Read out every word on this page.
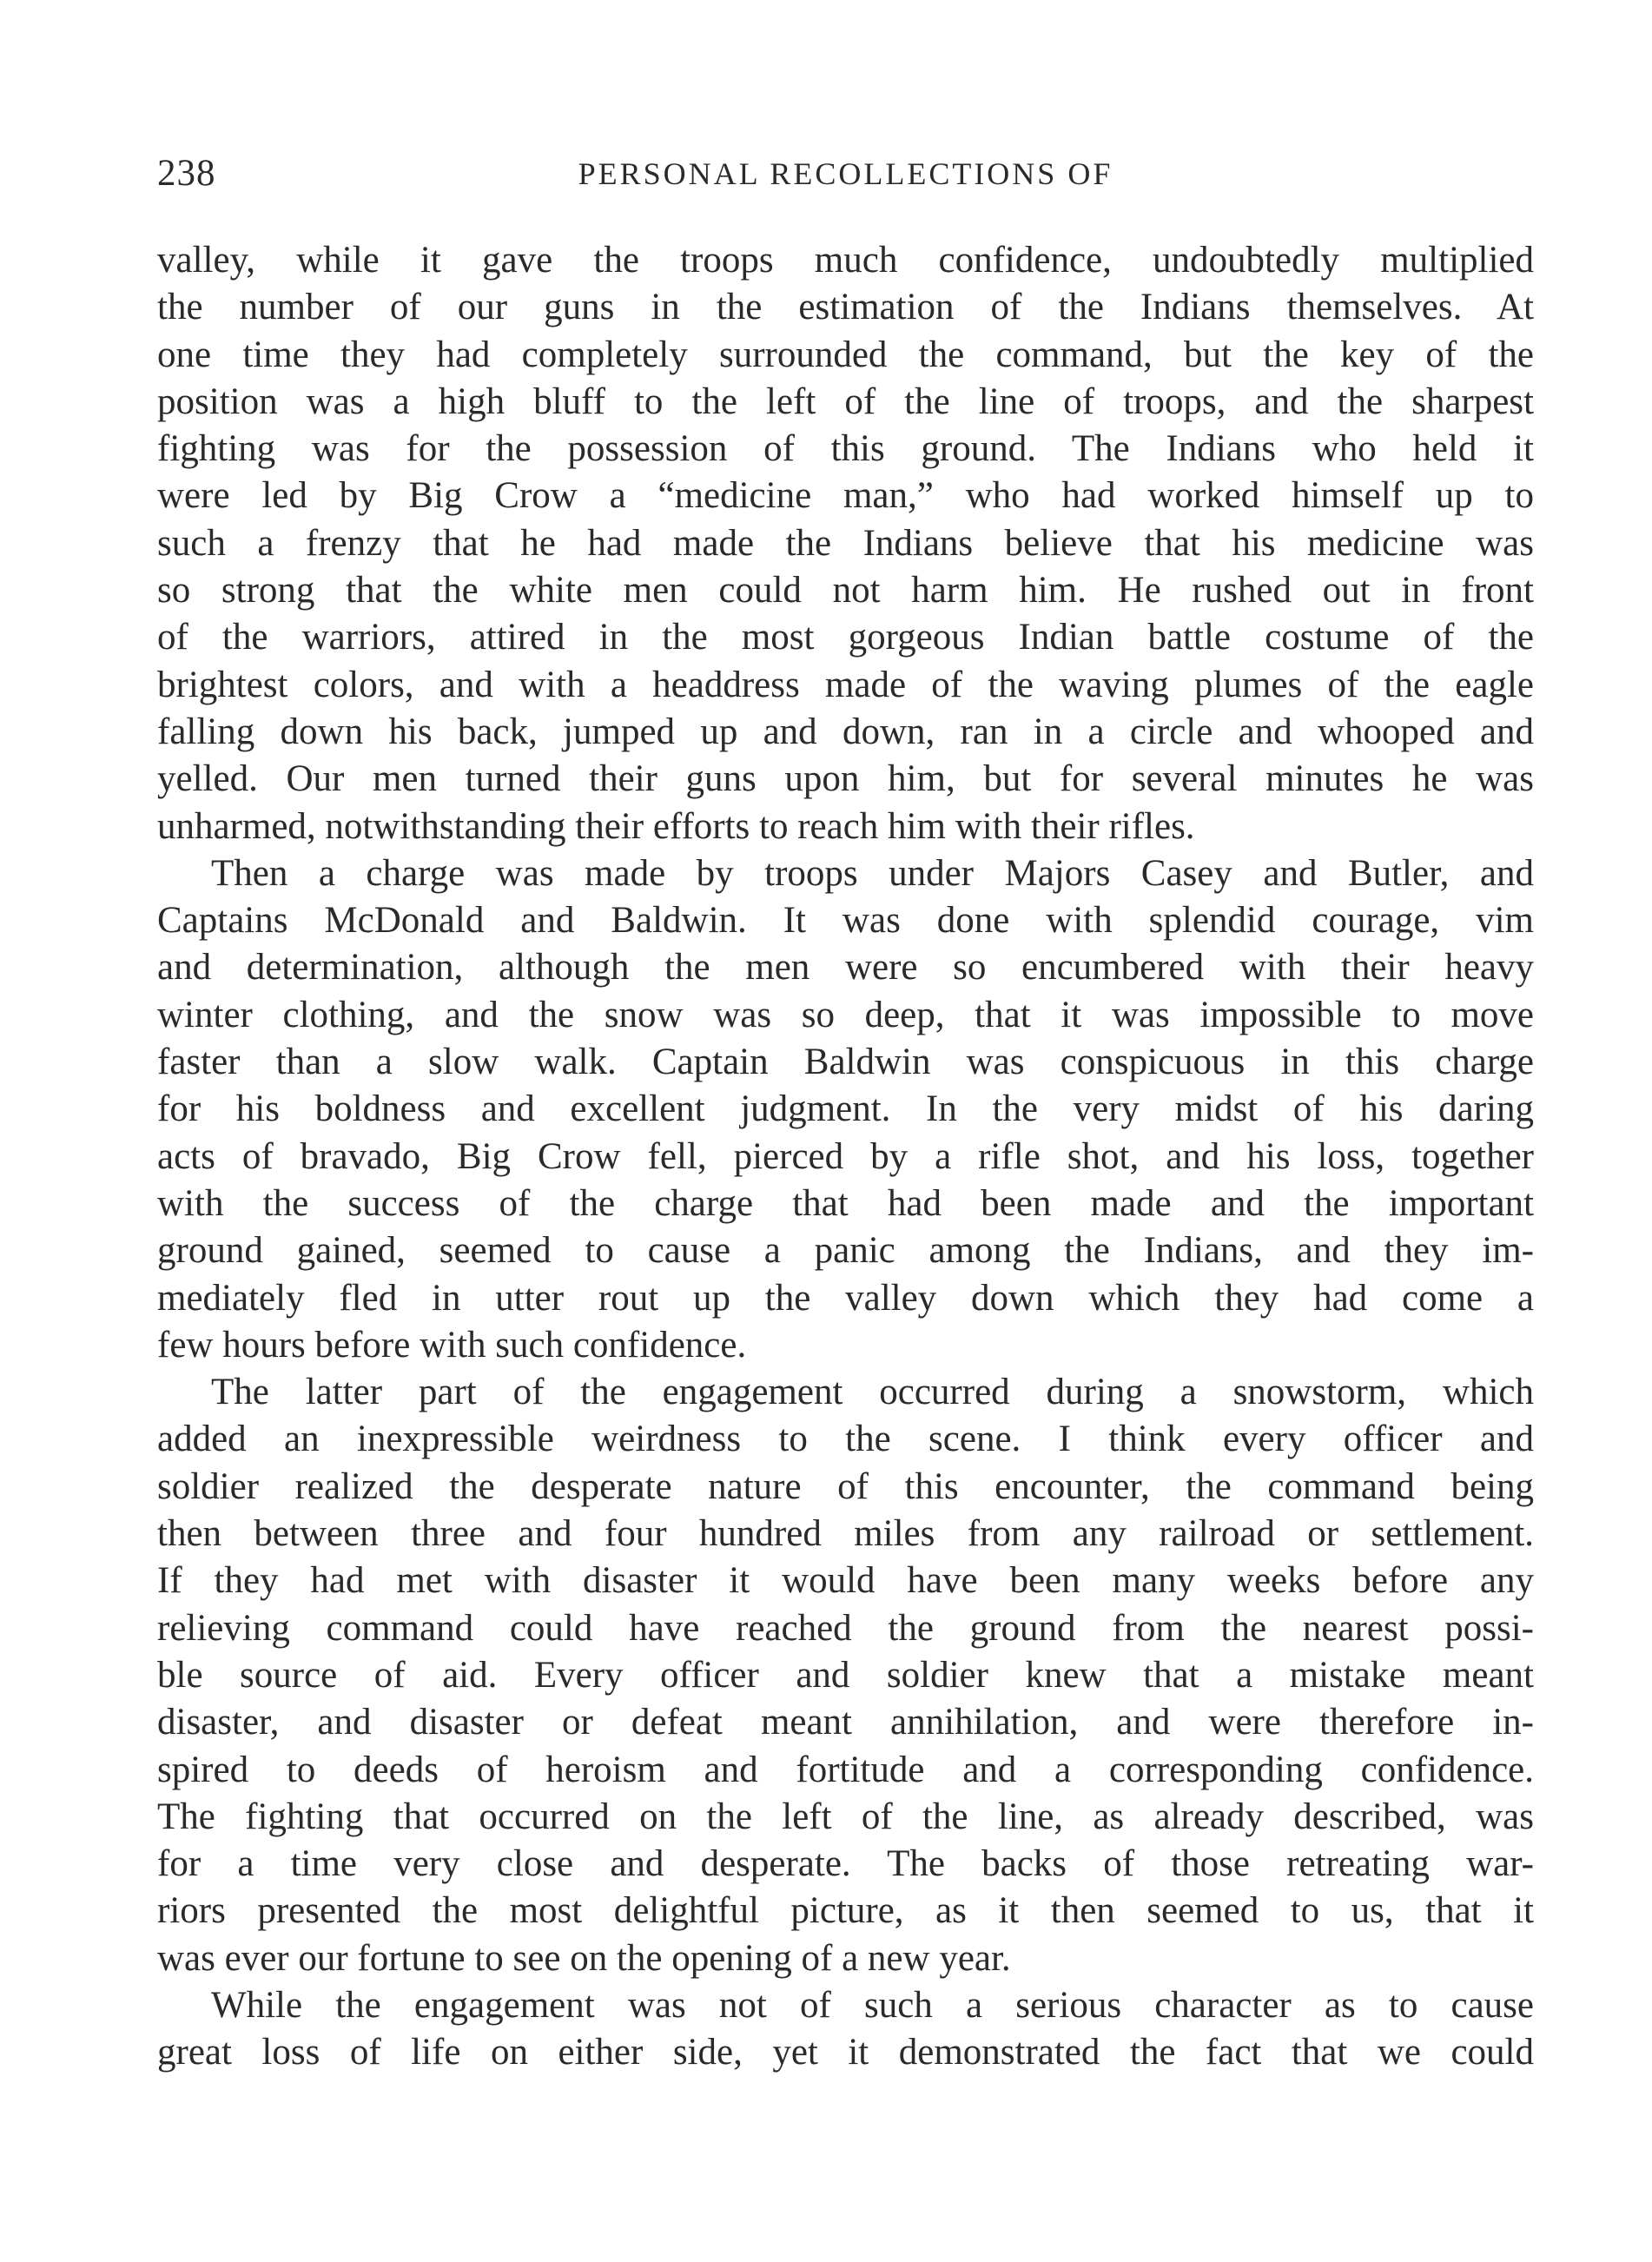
238	PERSONAL RECOLLECTIONS OF
valley, while it gave the troops much confidence, undoubtedly multiplied
the number of our guns in the estimation of the Indians themselves. At
one time they had completely surrounded the command, but the key of the
position was a high bluff to the left of the line of troops, and the sharpest
fighting was for the possession of this ground. The Indians who held it
were led by Big Crow a “medicine man,” who had worked himself up to
such a frenzy that he had made the Indians believe that his medicine was
so strong that the white men could not harm him. He rushed out in front
of the warriors, attired in the most gorgeous Indian battle costume of the
brightest colors, and with a headdress made of the waving plumes of the eagle
falling down his back, jumped up and down, ran in a circle and whooped and
yelled. Our men turned their guns upon him, but for several minutes he was
unharmed, notwithstanding their efforts to reach him with their rifles.
Then a charge was made by troops under Majors Casey and Butler, and
Captains McDonald and Baldwin. It was done with splendid courage, vim
and determination, although the men were so encumbered with their heavy
winter clothing, and the snow was so deep, that it was impossible to move
faster than a slow walk. Captain Baldwin was conspicuous in this charge
for his boldness and excellent judgment. In the very midst of his daring
acts of bravado, Big Crow fell, pierced by a rifle shot, and his loss, together
with the success of the charge that had been made and the important
ground gained, seemed to cause a panic among the Indians, and they im-
mediately fled in utter rout up the valley down which they had come a
few hours before with such confidence.
The latter part of the engagement occurred during a snowstorm, which
added an inexpressible weirdness to the scene. I think every officer and
soldier realized the desperate nature of this encounter, the command being
then between three and four hundred miles from any railroad or settlement.
If they had met with disaster it would have been many weeks before any
relieving command could have reached the ground from the nearest possi-
ble source of aid. Every officer and soldier knew that a mistake meant
disaster, and disaster or defeat meant annihilation, and were therefore in-
spired to deeds of heroism and fortitude and a corresponding confidence.
The fighting that occurred on the left of the line, as already described, was
for a time very close and desperate. The backs of those retreating war-
riors presented the most delightful picture, as it then seemed to us, that it
was ever our fortune to see on the opening of a new year.
While the engagement was not of such a serious character as to cause
great loss of life on either side, yet it demonstrated the fact that we could
